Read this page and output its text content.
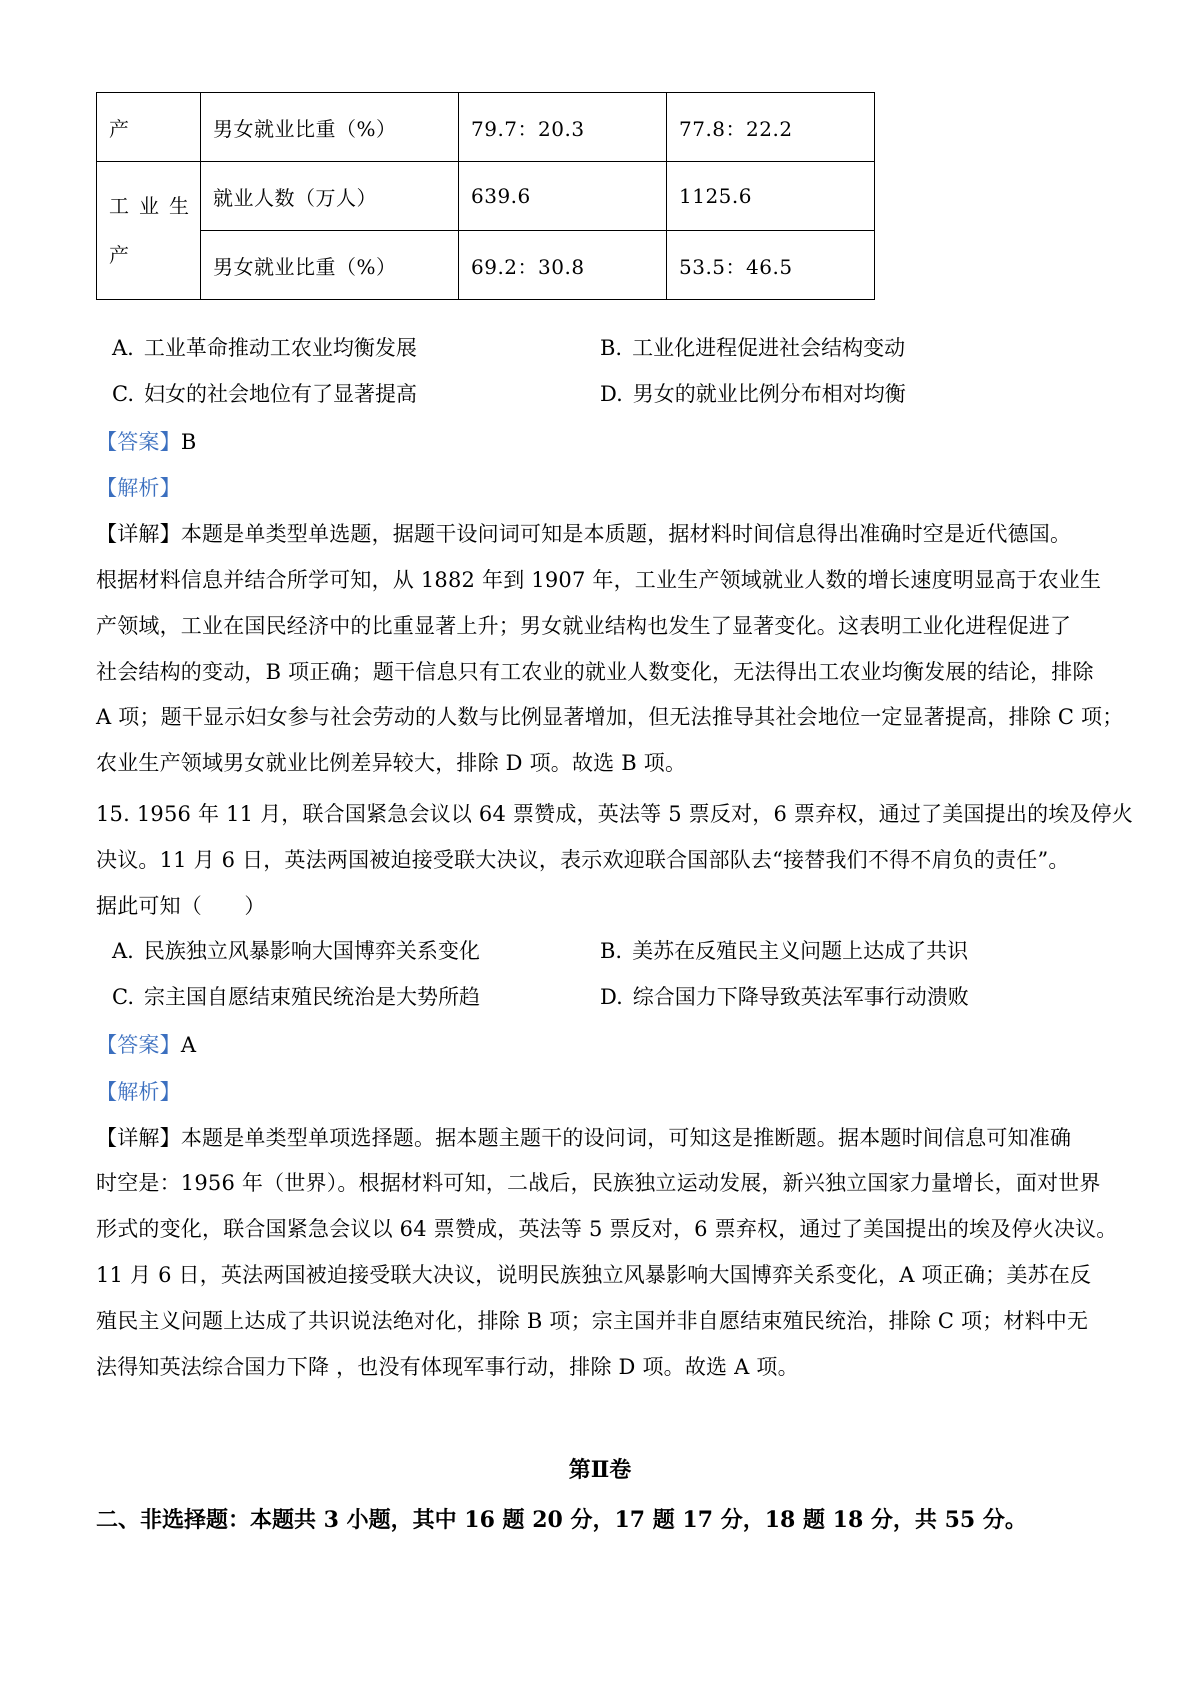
产	男女就业比重（%）	79.7：20.3	77.8：22.2

工业生产	就业人数（万人）	639.6	1125.6
	男女就业比重（%）	69.2：30.8	53.5：46.5
A. 工业革命推动工农业均衡发展	B. 工业化进程促进社会结构变动
C. 妇女的社会地位有了显著提高	D. 男女的就业比例分布相对均衡
【答案】B
【解析】
【详解】本题是单类型单选题，据题干设问词可知是本质题，据材料时间信息得出准确时空是近代德国。
根据材料信息并结合所学可知，从 1882 年到 1907 年，工业生产领域就业人数的增长速度明显高于农业生
产领域，工业在国民经济中的比重显著上升；男女就业结构也发生了显著变化。这表明工业化进程促进了
社会结构的变动，B 项正确；题干信息只有工农业的就业人数变化，无法得出工农业均衡发展的结论，排除
A 项；题干显示妇女参与社会劳动的人数与比例显著增加，但无法推导其社会地位一定显著提高，排除 C 项；
农业生产领域男女就业比例差异较大，排除 D 项。故选 B 项。
15. 1956 年 11 月，联合国紧急会议以 64 票赞成，英法等 5 票反对，6 票弃权，通过了美国提出的埃及停火
决议。11 月 6 日，英法两国被迫接受联大决议，表示欢迎联合国部队去“接替我们不得不肩负的责任”。
据此可知（　　）
A. 民族独立风暴影响大国博弈关系变化	B. 美苏在反殖民主义问题上达成了共识
C. 宗主国自愿结束殖民统治是大势所趋	D. 综合国力下降导致英法军事行动溃败
【答案】A
【解析】
【详解】本题是单类型单项选择题。据本题主题干的设问词，可知这是推断题。据本题时间信息可知准确
时空是：1956 年（世界）。根据材料可知，二战后，民族独立运动发展，新兴独立国家力量增长，面对世界
形式的变化，联合国紧急会议以 64 票赞成，英法等 5 票反对，6 票弃权，通过了美国提出的埃及停火决议。
11 月 6 日，英法两国被迫接受联大决议，说明民族独立风暴影响大国博弈关系变化，A 项正确；美苏在反
殖民主义问题上达成了共识说法绝对化，排除 B 项；宗主国并非自愿结束殖民统治，排除 C 项；材料中无
法得知英法综合国力下降 ，也没有体现军事行动，排除 D 项。故选 A 项。
第Ⅱ卷
二、非选择题：本题共 3 小题，其中 16 题 20 分，17 题 17 分，18 题 18 分，共 55 分。
